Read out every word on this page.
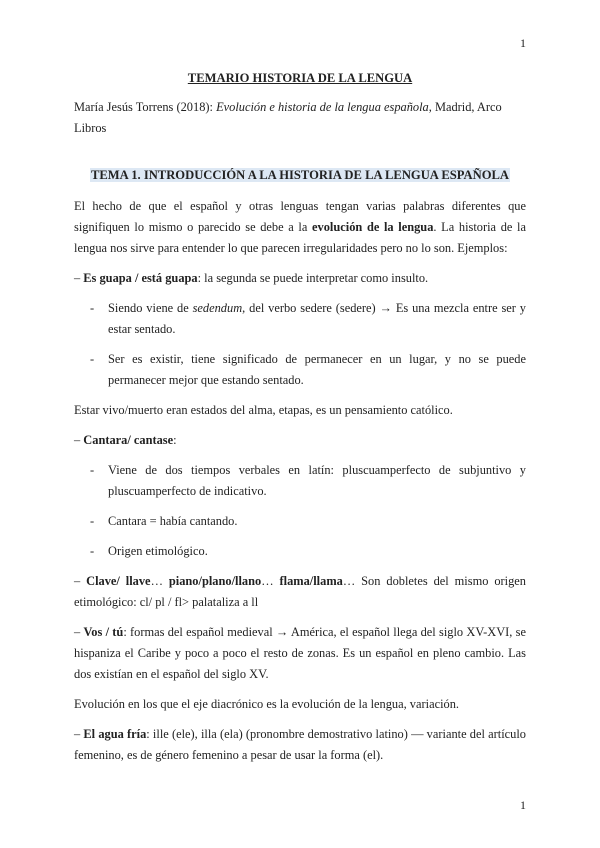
1

TEMARIO HISTORIA DE LA LENGUA

María Jesús Torrens (2018): Evolución e historia de la lengua española, Madrid, Arco Libros

TEMA 1. INTRODUCCIÓN A LA HISTORIA DE LA LENGUA ESPAÑOLA

El hecho de que el español y otras lenguas tengan varias palabras diferentes que signifiquen lo mismo o parecido se debe a la evolución de la lengua. La historia de la lengua nos sirve para entender lo que parecen irregularidades pero no lo son. Ejemplos:

– Es guapa / está guapa: la segunda se puede interpretar como insulto.

- Siendo viene de sedendum, del verbo sedere (sedere) → Es una mezcla entre ser y estar sentado.
- Ser es existir, tiene significado de permanecer en un lugar, y no se puede permanecer mejor que estando sentado.

Estar vivo/muerto eran estados del alma, etapas, es un pensamiento católico.

– Cantara/ cantase:

- Viene de dos tiempos verbales en latín: pluscuamperfecto de subjuntivo y pluscuamperfecto de indicativo.
- Cantara = había cantando.
- Origen etimológico.

– Clave/ llave… piano/plano/llano… flama/llama… Son dobletes del mismo origen etimológico: cl/ pl / fl> palataliza a ll

– Vos / tú: formas del español medieval → América, el español llega del siglo XV-XVI, se hispaniza el Caribe y poco a poco el resto de zonas. Es un español en pleno cambio. Las dos existían en el español del siglo XV.

Evolución en los que el eje diacrónico es la evolución de la lengua, variación.

– El agua fría: ille (ele), illa (ela) (pronombre demostrativo latino) — variante del artículo femenino, es de género femenino a pesar de usar la forma (el).

1
